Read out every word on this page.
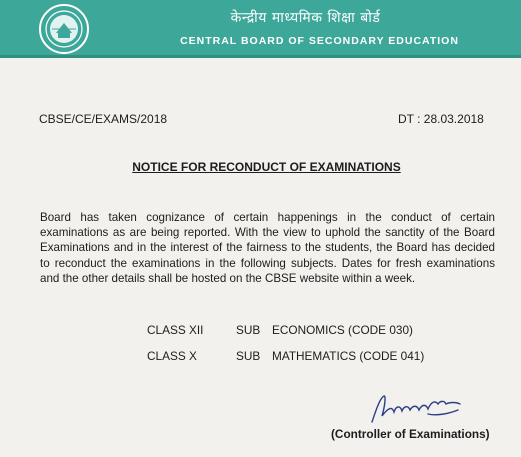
केन्द्रीय माध्यमिक शिक्षा बोर्ड
CENTRAL BOARD OF SECONDARY EDUCATION
CBSE/CE/EXAMS/2018	DT : 28.03.2018
NOTICE FOR RECONDUCT OF EXAMINATIONS
Board has taken cognizance of certain happenings in the conduct of certain examinations as are being reported. With the view to uphold the sanctity of the Board Examinations and in the interest of the fairness to the students, the Board has decided to reconduct the examinations in the following subjects. Dates for fresh examinations and the other details shall be hosted on the CBSE website within a week.
CLASS XII	SUB ECONOMICS (CODE 030)
CLASS X	SUB MATHEMATICS (CODE 041)
(Controller of Examinations)
